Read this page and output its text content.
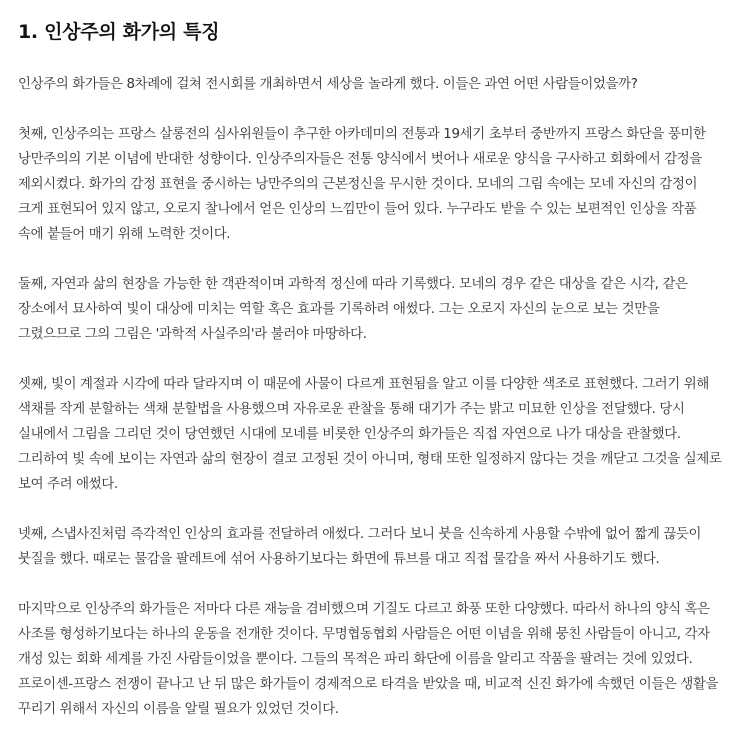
1. 인상주의 화가의 특징

인상주의 화가들은 8차례에 걸쳐 전시회를 개최하면서 세상을 놀라게 했다. 이들은 과연 어떤 사람들이었을까?

첫째, 인상주의는 프랑스 살롱전의 심사위원들이 추구한 아카데미의 전통과 19세기 초부터 중반까지 프랑스 화단을 풍미한 낭만주의의 기본 이념에 반대한 성향이다. 인상주의자들은 전통 양식에서 벗어나 새로운 양식을 구사하고 회화에서 감정을 제외시켰다. 화가의 감정 표현을 중시하는 낭만주의의 근본정신을 무시한 것이다. 모네의 그림 속에는 모네 자신의 감정이 크게 표현되어 있지 않고, 오로지 찰나에서 얻은 인상의 느낌만이 들어 있다. 누구라도 받을 수 있는 보편적인 인상을 작품 속에 붙들어 매기 위해 노력한 것이다.

둘째, 자연과 삶의 현장을 가능한 한 객관적이며 과학적 정신에 따라 기록했다. 모네의 경우 같은 대상을 같은 시각, 같은 장소에서 묘사하여 빛이 대상에 미치는 역할 혹은 효과를 기록하려 애썼다. 그는 오로지 자신의 눈으로 보는 것만을 그렸으므로 그의 그림은 '과학적 사실주의'라 불러야 마땅하다.

셋째, 빛이 계절과 시각에 따라 달라지며 이 때문에 사물이 다르게 표현됨을 알고 이를 다양한 색조로 표현했다. 그러기 위해 색채를 작게 분할하는 색채 분할법을 사용했으며 자유로운 관찰을 통해 대기가 주는 밝고 미묘한 인상을 전달했다. 당시 실내에서 그림을 그리던 것이 당연했던 시대에 모네를 비롯한 인상주의 화가들은 직접 자연으로 나가 대상을 관찰했다. 그리하여 빛 속에 보이는 자연과 삶의 현장이 결코 고정된 것이 아니며, 형태 또한 일정하지 않다는 것을 깨닫고 그것을 실제로 보여 주려 애썼다.

넷째, 스냅사진처럼 즉각적인 인상의 효과를 전달하려 애썼다. 그러다 보니 붓을 신속하게 사용할 수밖에 없어 짧게 끊듯이 붓질을 했다. 때로는 물감을 팔레트에 섞어 사용하기보다는 화면에 튜브를 대고 직접 물감을 짜서 사용하기도 했다.

마지막으로 인상주의 화가들은 저마다 다른 재능을 겸비했으며 기질도 다르고 화풍 또한 다양했다. 따라서 하나의 양식 혹은 사조를 형성하기보다는 하나의 운동을 전개한 것이다. 무명협동협회 사람들은 어떤 이념을 위해 뭉친 사람들이 아니고, 각자 개성 있는 회화 세계를 가진 사람들이었을 뿐이다. 그들의 목적은 파리 화단에 이름을 알리고 작품을 팔려는 것에 있었다. 프로이센-프랑스 전쟁이 끝나고 난 뒤 많은 화가들이 경제적으로 타격을 받았을 때, 비교적 신진 화가에 속했던 이들은 생활을 꾸리기 위해서 자신의 이름을 알릴 필요가 있었던 것이다.
